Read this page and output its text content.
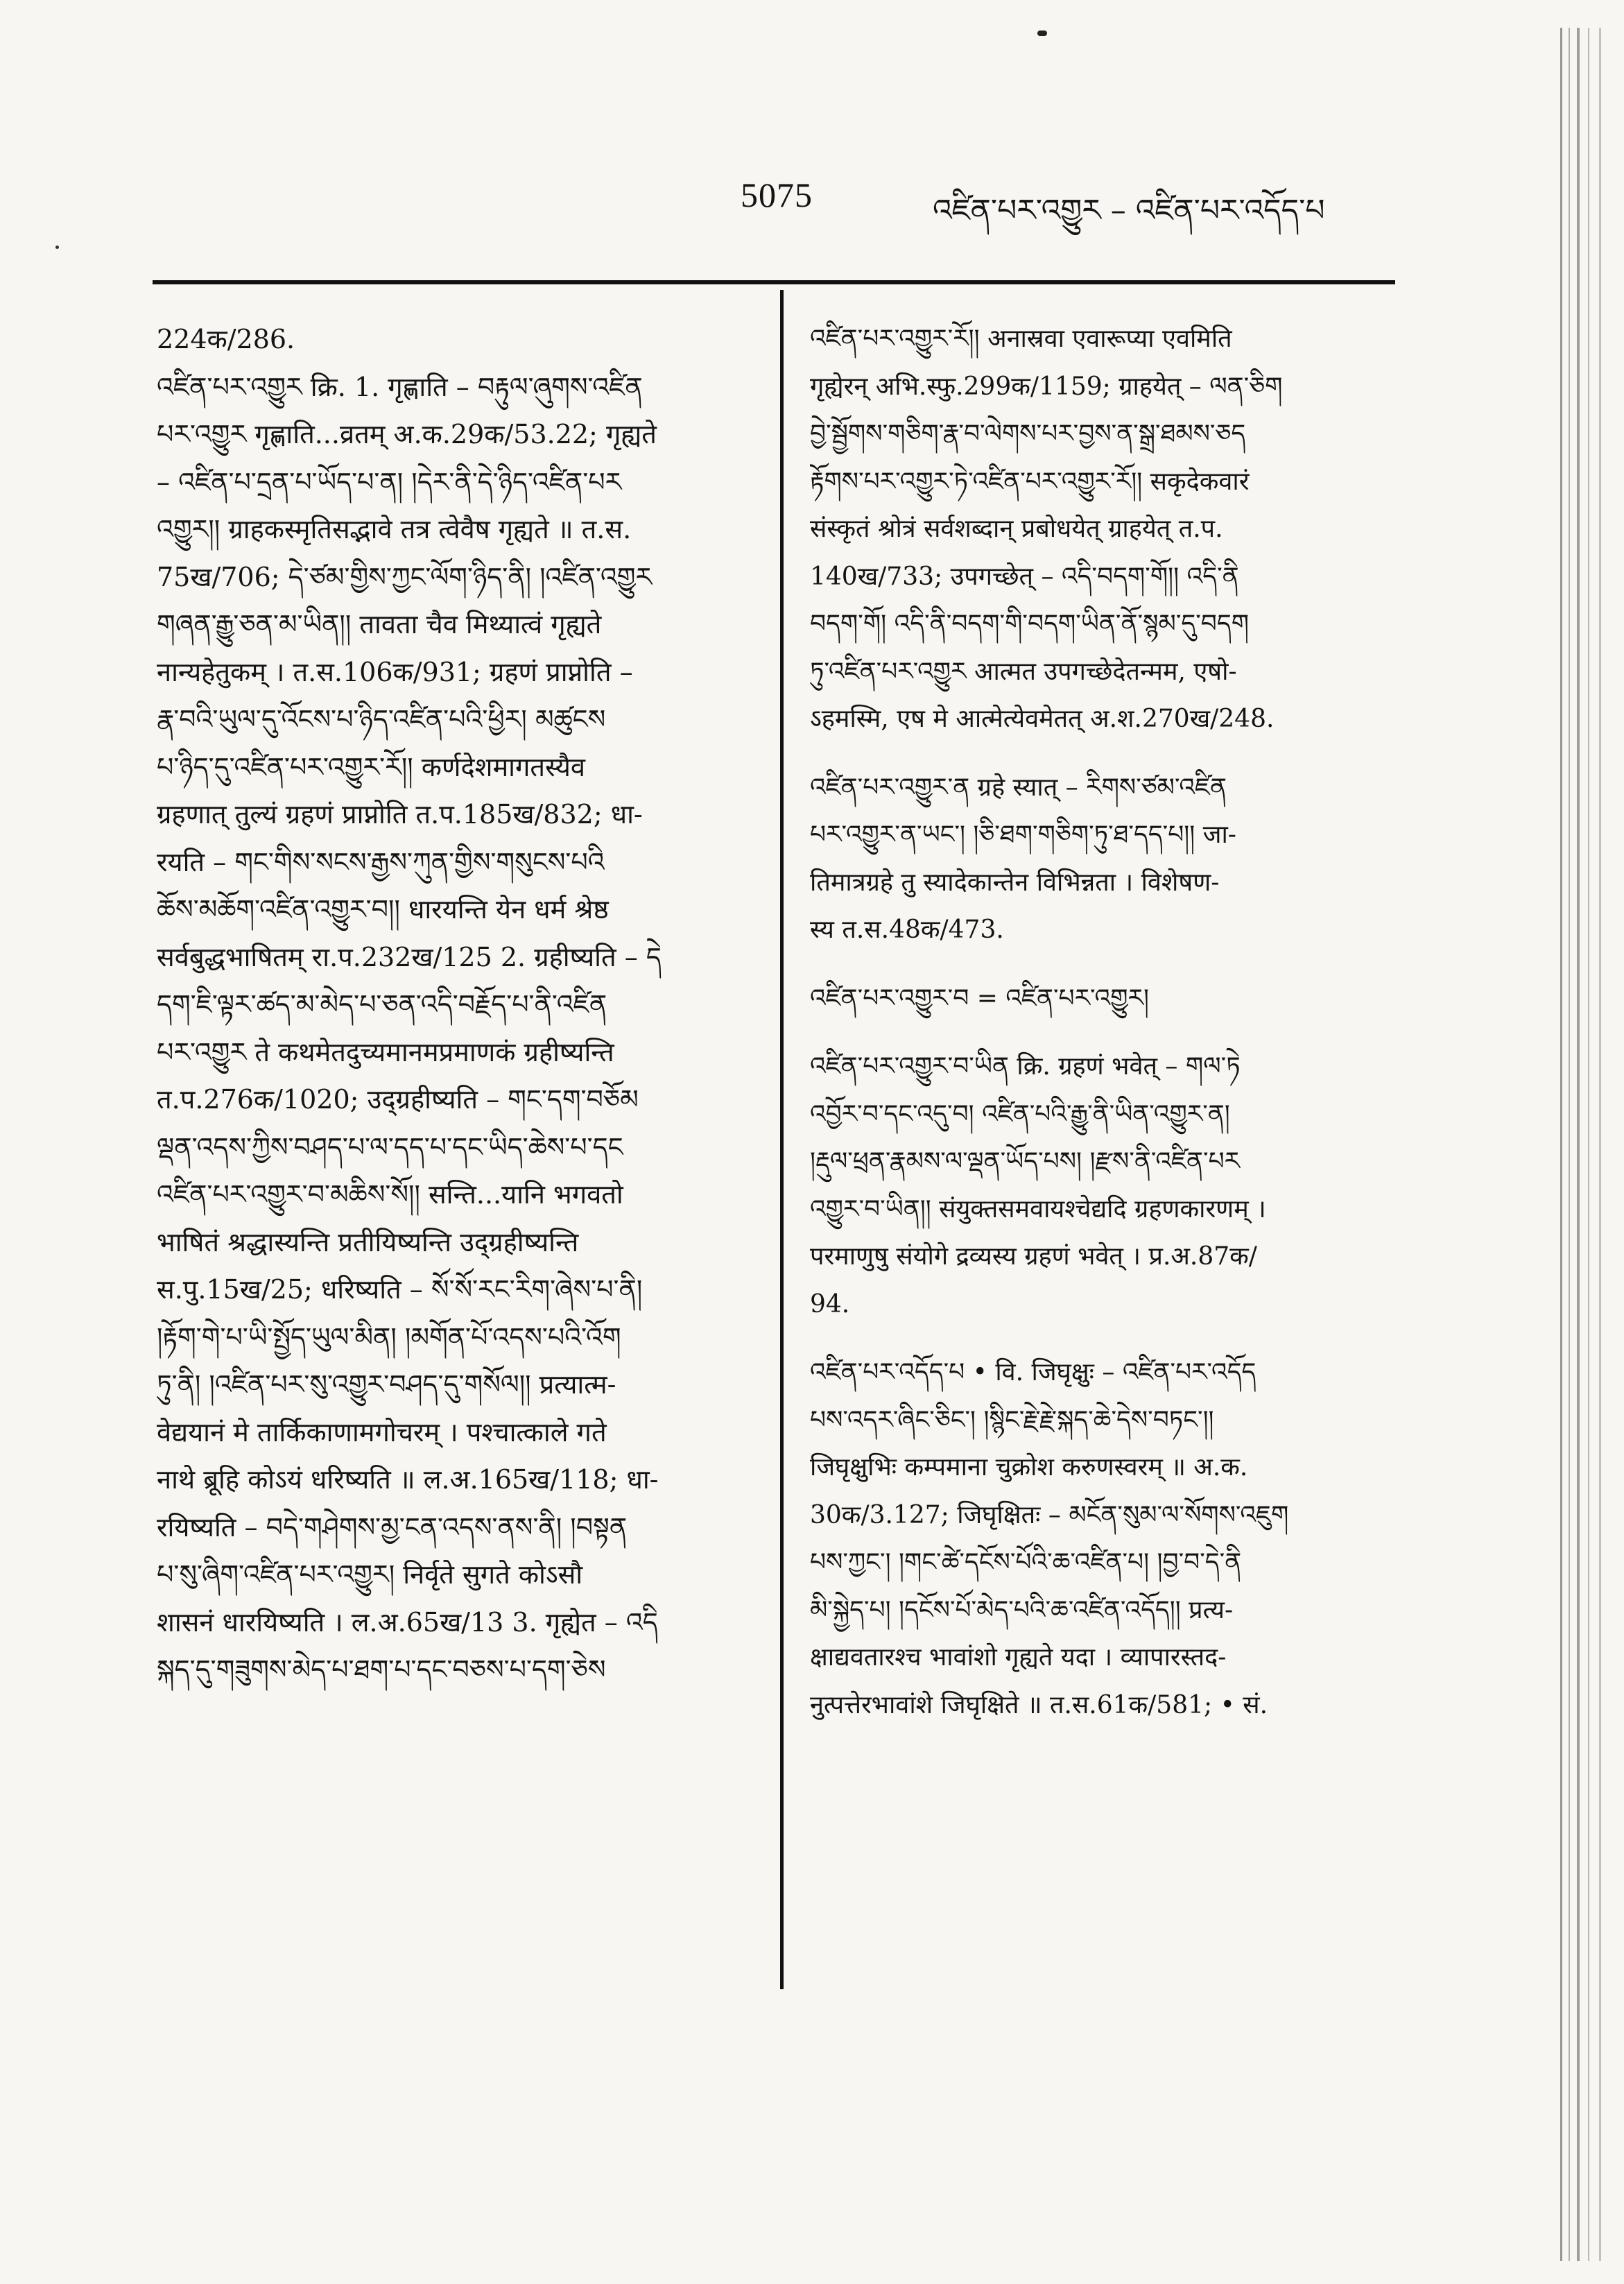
5075	འཛིན་པར་འགྱུར – འཛིན་པར་འདོད་པ
224क/286.
འཛིན་པར་འགྱུར क्रि. 1. गृह्णाति – བརྟུལ་ཞུགས་འཛིན
པར་འགྱུར गृह्णाति...व्रतम् अ.क.29क/53.22; गृह्यते
– འཛིན་པ་དྲན་པ་ཡོད་པ་ན། །དེར་ནི་དེ་ཉིད་འཛིན་པར
འགྱུར།། ग्राहकस्मृतिसद्भावे तत्र त्वेवैष गृह्यते ॥ त.स.
75ख/706; དེ་ཙམ་གྱིས་ཀྱང་ལོག་ཉིད་ནི། །འཛིན་འགྱུར
གཞན་རྒྱུ་ཅན་མ་ཡིན།། तावता चैव मिथ्यात्वं गृह्यते
नान्यहेतुकम् । त.स.106क/931; ग्रहणं प्राप्नोति –
རྣ་བའི་ཡུལ་དུ་འོངས་པ་ཉིད་འཛིན་པའི་ཕྱིར། མཚུངས
པ་ཉིད་དུ་འཛིན་པར་འགྱུར་རོ།། कर्णदेशमागतस्यैव
ग्रहणात् तुल्यं ग्रहणं प्राप्नोति त.प.185ख/832; धा-
रयति – གང་གིས་སངས་རྒྱས་ཀུན་གྱིས་གསུངས་པའི
ཆོས་མཆོག་འཛིན་འགྱུར་བ།། धारयन्ति येन धर्म श्रेष्ठ
सर्वबुद्धभाषितम् रा.प.232ख/125 2. ग्रहीष्यति – དེ
དག་ཇི་ལྟར་ཚད་མ་མེད་པ་ཅན་འདི་བརྗོད་པ་ནི་འཛིན
པར་འགྱུར ते कथमेतदुच्यमानमप्रमाणकं ग्रहीष्यन्ति
त.प.276क/1020; उद्ग्रहीष्यति – གང་དག་བཅོམ
ལྡན་འདས་ཀྱིས་བཤད་པ་ལ་དད་པ་དང་ཡིད་ཆེས་པ་དང
འཛིན་པར་འགྱུར་བ་མཆིས་སོ།། सन्ति...यानि भगवतो
भाषितं श्रद्धास्यन्ति प्रतीयिष्यन्ति उद्ग्रहीष्यन्ति
स.पु.15ख/25; धरिष्यति – སོ་སོ་རང་རིག་ཞེས་པ་ནི།
།རྟོག་གེ་པ་ཡི་སྤྱོད་ཡུལ་མིན། །མགོན་པོ་འདས་པའི་འོག
ཏུ་ནི། །འཛིན་པར་སུ་འགྱུར་བཤད་དུ་གསོལ།། प्रत्यात्म-
वेद्ययानं मे तार्किकाणामगोचरम् । पश्चात्काले गते
नाथे ब्रूहि कोऽयं धरिष्यति ॥ ल.अ.165ख/118; धा-
रयिष्यति – བདེ་གཤེགས་མྱ་ངན་འདས་ནས་ནི། །བསྟན
པ་སུ་ཞིག་འཛིན་པར་འགྱུར། निर्वृते सुगते कोऽसौ
शासनं धारयिष्यति । ल.अ.65ख/13 3. गृह्येत – འདི
སྐད་དུ་གཟུགས་མེད་པ་ཐག་པ་དང་བཅས་པ་དག་ཅེས
འཛིན་པར་འགྱུར་རོ།། अनास्रवा एवारूप्या एवमिति
गृह्येरन् अभि.स्फु.299क/1159; ग्राहयेत् – ལན་ཅིག
བྱེ་སྦྱོགས་གཅིག་རྣ་བ་ལེགས་པར་བྱས་ན་སྒྲ་ཐམས་ཅད
རྟོགས་པར་འགྱུར་ཏེ་འཛིན་པར་འགྱུར་རོ།། सकृदेकवारं
संस्कृतं श्रोत्रं सर्वशब्दान् प्रबोधयेत् ग्राहयेत् त.प.
140ख/733; उपगच्छेत् – འདི་བདག་གོ།། འདི་ནི
བདག་གོ། འདི་ནི་བདག་གི་བདག་ཡིན་ནོ་སྙམ་དུ་བདག
ཏུ་འཛིན་པར་འགྱུར आत्मत उपगच्छेदेतन्मम, एषो-
ऽहमस्मि, एष मे आत्मेत्येवमेतत् अ.श.270ख/248.
འཛིན་པར་འགྱུར་ན ग्रहे स्यात् – རིགས་ཙམ་འཛིན
པར་འགྱུར་ན་ཡང་། །ཅི་ཐག་གཅིག་ཏུ་ཐ་དད་པ།། जा-
तिमात्रग्रहे तु स्यादेकान्तेन विभिन्नता । विशेषण-
स्य त.स.48क/473.
འཛིན་པར་འགྱུར་བ = འཛིན་པར་འགྱུར།
འཛིན་པར་འགྱུར་བ་ཡིན क्रि. ग्रहणं भवेत् – གལ་ཏེ
འབྱོར་བ་དང་འདུ་བ། འཛིན་པའི་རྒྱུ་ནི་ཡིན་འགྱུར་ན།
།རྡུལ་ཕྲན་རྣམས་ལ་ལྡན་ཡོད་པས། །རྫས་ནི་འཛིན་པར
འགྱུར་བ་ཡིན།། संयुक्तसमवायश्चेद्यदि ग्रहणकारणम् ।
परमाणुषु संयोगे द्रव्यस्य ग्रहणं भवेत् । प्र.अ.87क/
94.
འཛིན་པར་འདོད་པ • वि. जिघृक्षुः – འཛིན་པར་འདོད
པས་འདར་ཞིང་ཅིང་། །སྙིང་རྗེ་རྗེ་སྐད་ཆེ་དེས་བཏང་།།
जिघृक्षुभिः कम्पमाना चुक्रोश करुणस्वरम् ॥ अ.क.
30क/3.127; जिघृक्षितः – མངོན་སུམ་ལ་སོགས་འཇུག
པས་ཀྱང་། །གང་ཚེ་དངོས་པོའི་ཆ་འཛིན་པ། །བྱ་བ་དེ་ནི
མི་སྐྱེད་པ། །དངོས་པོ་མེད་པའི་ཆ་འཛིན་འདོད།། प्रत्य-
क्षाद्यवतारश्च भावांशो गृह्यते यदा । व्यापारस्तद-
नुत्पत्तेरभावांशे जिघृक्षिते ॥ त.स.61क/581; • सं.
